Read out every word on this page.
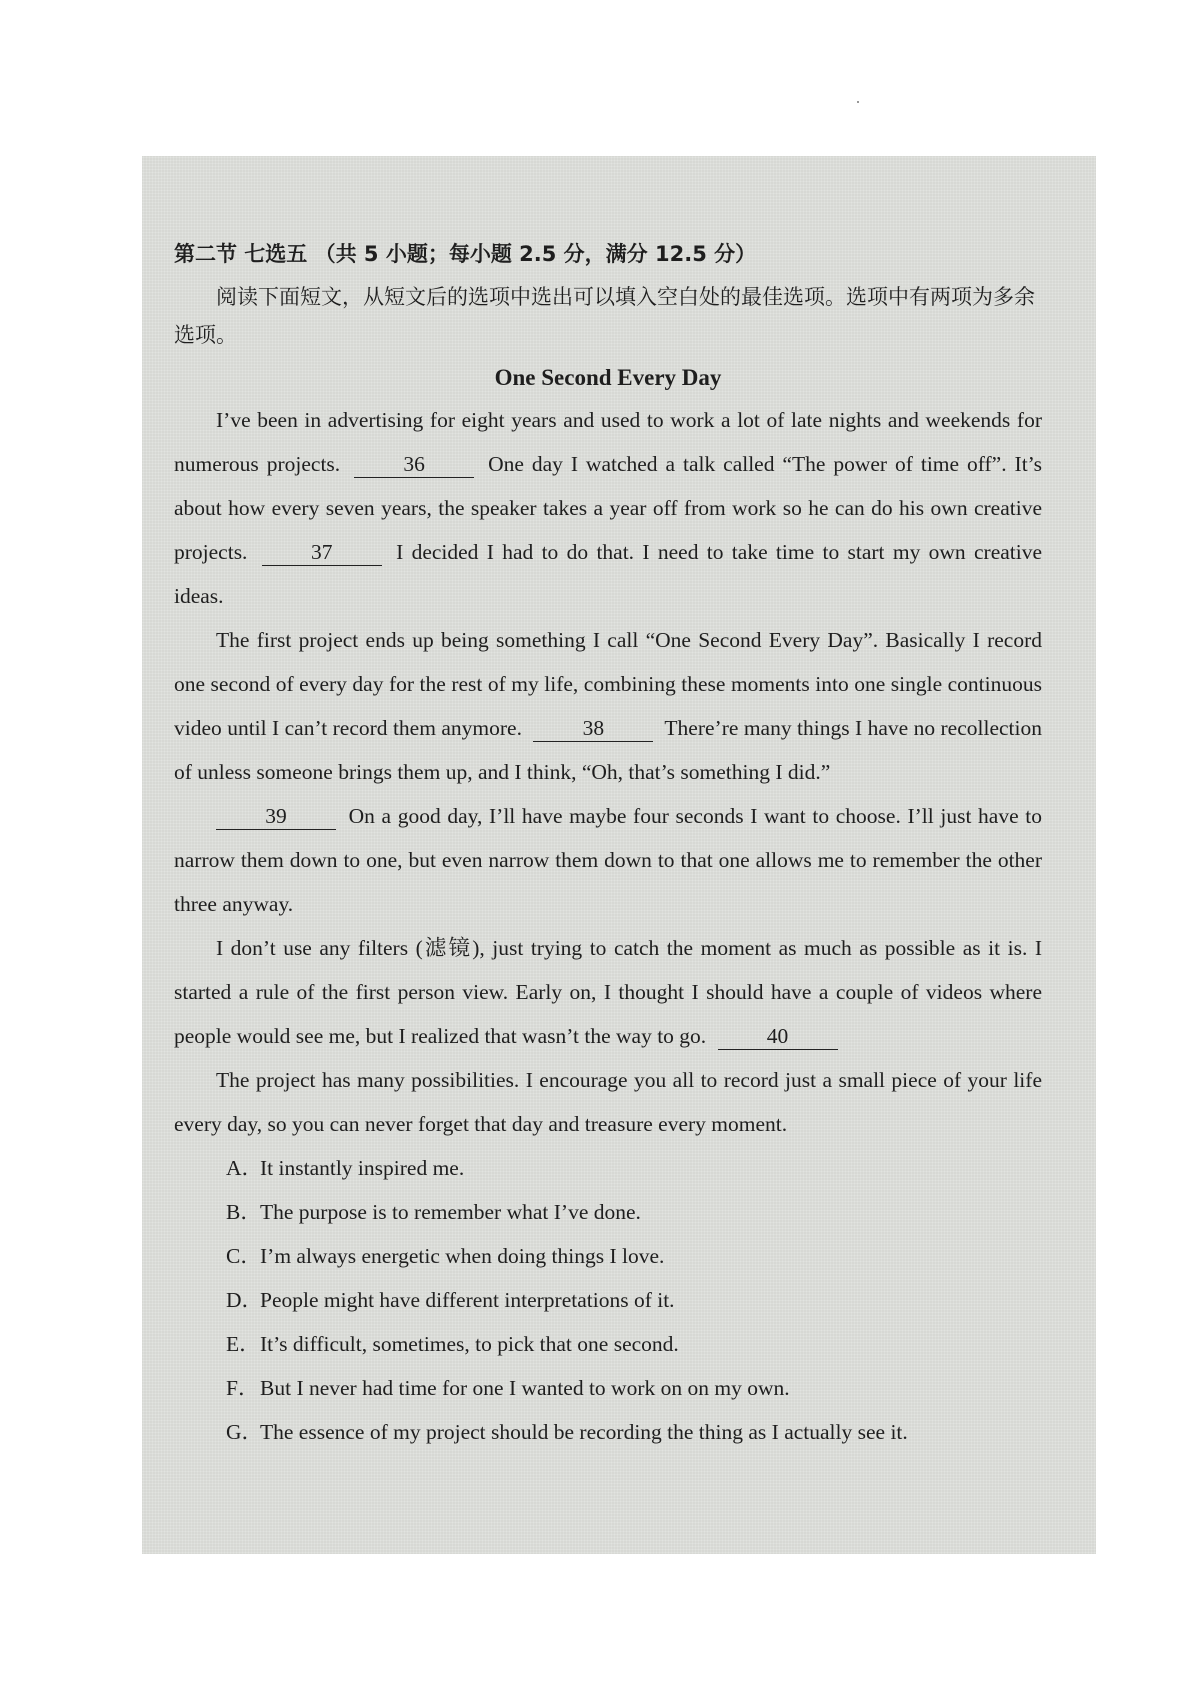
第二节 七选五 （共 5 小题；每小题 2.5 分，满分 12.5 分）

阅读下面短文，从短文后的选项中选出可以填入空白处的最佳选项。选项中有两项为多余选项。

One Second Every Day

I’ve been in advertising for eight years and used to work a lot of late nights and weekends for numerous projects.	36	One day I watched a talk called “The power of time off”. It’s about how every seven years, the speaker takes a year off from work so he can do his own creative projects.	37	I decided I had to do that. I need to take time to start my own creative ideas.

The first project ends up being something I call “One Second Every Day”. Basically I record one second of every day for the rest of my life, combining these moments into one single continuous video until I can’t record them anymore.	38	There’re many things I have no recollection of unless someone brings them up, and I think, “Oh, that’s something I did.”

39	On a good day, I’ll have maybe four seconds I want to choose. I’ll just have to narrow them down to one, but even narrow them down to that one allows me to remember the other three anyway.

I don’t use any filters (滤镜), just trying to catch the moment as much as possible as it is. I started a rule of the first person view. Early on, I thought I should have a couple of videos where people would see me, but I realized that wasn’t the way to go.	40

The project has many possibilities. I encourage you all to record just a small piece of your life every day, so you can never forget that day and treasure every moment.

A．It instantly inspired me.
B．The purpose is to remember what I’ve done.
C．I’m always energetic when doing things I love.
D．People might have different interpretations of it.
E．It’s difficult, sometimes, to pick that one second.
F．But I never had time for one I wanted to work on on my own.
G．The essence of my project should be recording the thing as I actually see it.
